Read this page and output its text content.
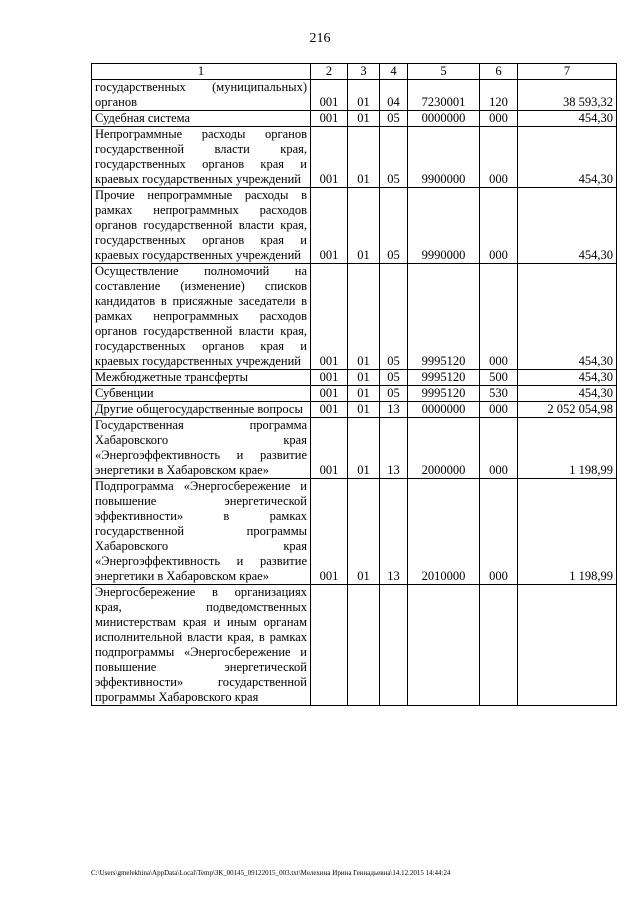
216
1	2	3	4	5	6	7
государственных (муниципальных) органов	001	01	04	7230001	120	38 593,32
Судебная система	001	01	05	0000000	000	454,30
Непрограммные расходы органов государственной власти края, государственных органов края и краевых государственных учреждений	001	01	05	9900000	000	454,30
Прочие непрограммные расходы в рамках непрограммных расходов органов государственной власти края, государственных органов края и краевых государственных учреждений	001	01	05	9990000	000	454,30
Осуществление полномочий на составление (изменение) списков кандидатов в присяжные заседатели в рамках непрограммных расходов органов государственной власти края, государственных органов края и краевых государственных учреждений	001	01	05	9995120	000	454,30
Межбюджетные трансферты	001	01	05	9995120	500	454,30
Субвенции	001	01	05	9995120	530	454,30
Другие общегосударственные вопросы	001	01	13	0000000	000	2 052 054,98
Государственная программа Хабаровского края «Энергоэффективность и развитие энергетики в Хабаровском крае»	001	01	13	2000000	000	1 198,99
Подпрограмма «Энергосбережение и повышение энергетической эффективности» в рамках государственной программы Хабаровского края «Энергоэффективность и развитие энергетики в Хабаровском крае»	001	01	13	2010000	000	1 198,99
Энергосбережение в организациях края, подведомственных министерствам края и иным органам исполнительной власти края, в рамках подпрограммы «Энергосбережение и повышение энергетической эффективности» государственной программы Хабаровского края						
C:\Users\gmelekhina\AppData\Local\Temp\ЗК_00145_09122015_003.txt\Мелехина Ирина Геннадьевна\14.12.2015 14:44:24
